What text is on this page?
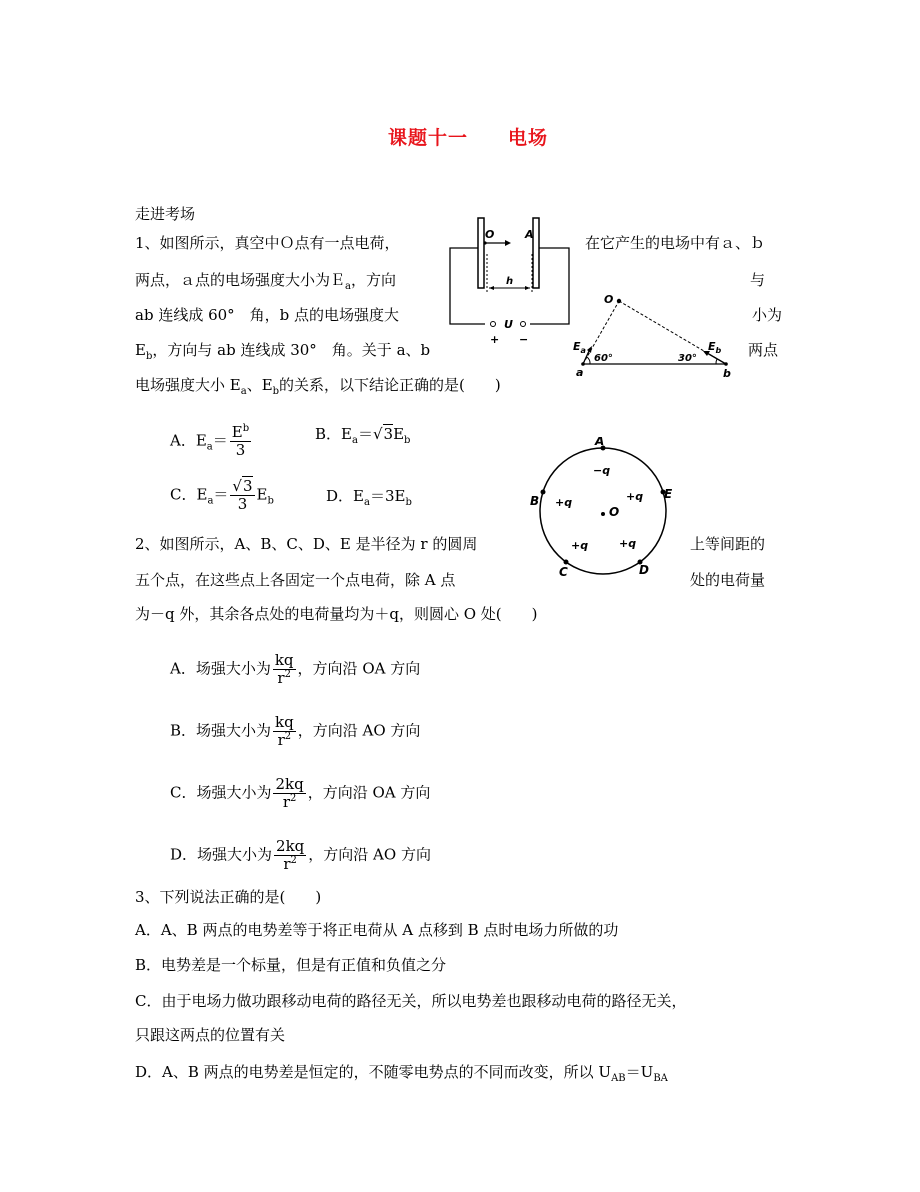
课题十一　　电场
走进考场
1、如图所示，真空中Ｏ点有一点电荷，	在它产生的电场中有ａ、ｂ
两点，ａ点的电场强度大小为Ｅ$_a$，方向	与
ab 连线成 60°　角，b 点的电场强度大	小为
$E_b$，方向与 ab 连线成 30°　角。关于 a、b	两点
电场强度大小 $E_a$、$E_b$的关系，以下结论正确的是(　　)
A．$E_a= \frac{E^b}{3}$	B．$E_a=√3E_b$
C．$E_a= \frac{√3}{3} E_b$	D．$E_a=3E_b$
2、如图所示，A、B、C、D、E 是半径为 r 的圆周	上等间距的
五个点，在这些点上各固定一个点电荷，除 A 点	处的电荷量
为－q 外，其余各点处的电荷量均为＋q，则圆心 O 处(　　)
A．场强大小为 $\frac{kq}{r^2}$ ，方向沿 OA 方向
B．场强大小为 $\frac{kq}{r^2}$ ，方向沿 AO 方向
C．场强大小为 $\frac{2kq}{r^2}$ ，方向沿 OA 方向
D．场强大小为 $\frac{2kq}{r^2}$ ，方向沿 AO 方向
3、下列说法正确的是(　　)
A．A、B 两点的电势差等于将正电荷从 A 点移到 B 点时电场力所做的功
B．电势差是一个标量，但是有正值和负值之分
C．由于电场力做功跟移动电荷的路径无关，所以电势差也跟移动电荷的路径无关，
只跟这两点的位置有关
D．A、B 两点的电势差是恒定的，不随零电势点的不同而改变，所以 $U_{AB}=U_{BA}$
O	A
h
U
+ −
O
$E_a$	$E_b$
60°	30°
a	b
A
B	E
C	D
O
−q
+q	+q
+q	+q
